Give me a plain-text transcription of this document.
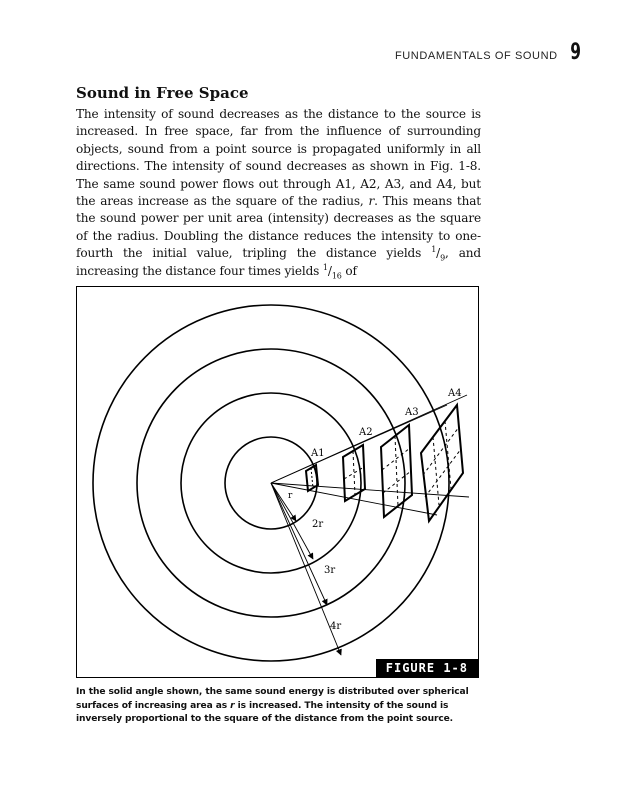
FUNDAMENTALS OF SOUND 9
Sound in Free Space

The intensity of sound decreases as the distance to the source is increased. In free space, far from the influence of surrounding objects, sound from a point source is propagated uniformly in all directions. The intensity of sound decreases as shown in Fig. 1-8. The same sound power flows out through A1, A2, A3, and A4, but the areas increase as the square of the radius, r. This means that the sound power per unit area (intensity) decreases as the square of the radius. Doubling the distance reduces the intensity to one-fourth the initial value, tripling the distance yields $^1/_9$, and increasing the distance four times yields $^1/_{16}$ of

A1
A2
A3
A4
r
2r
3r
4r
FIGURE 1-8

In the solid angle shown, the same sound energy is distributed over spherical surfaces of increasing area as r is increased. The intensity of the sound is inversely proportional to the square of the distance from the point source.
